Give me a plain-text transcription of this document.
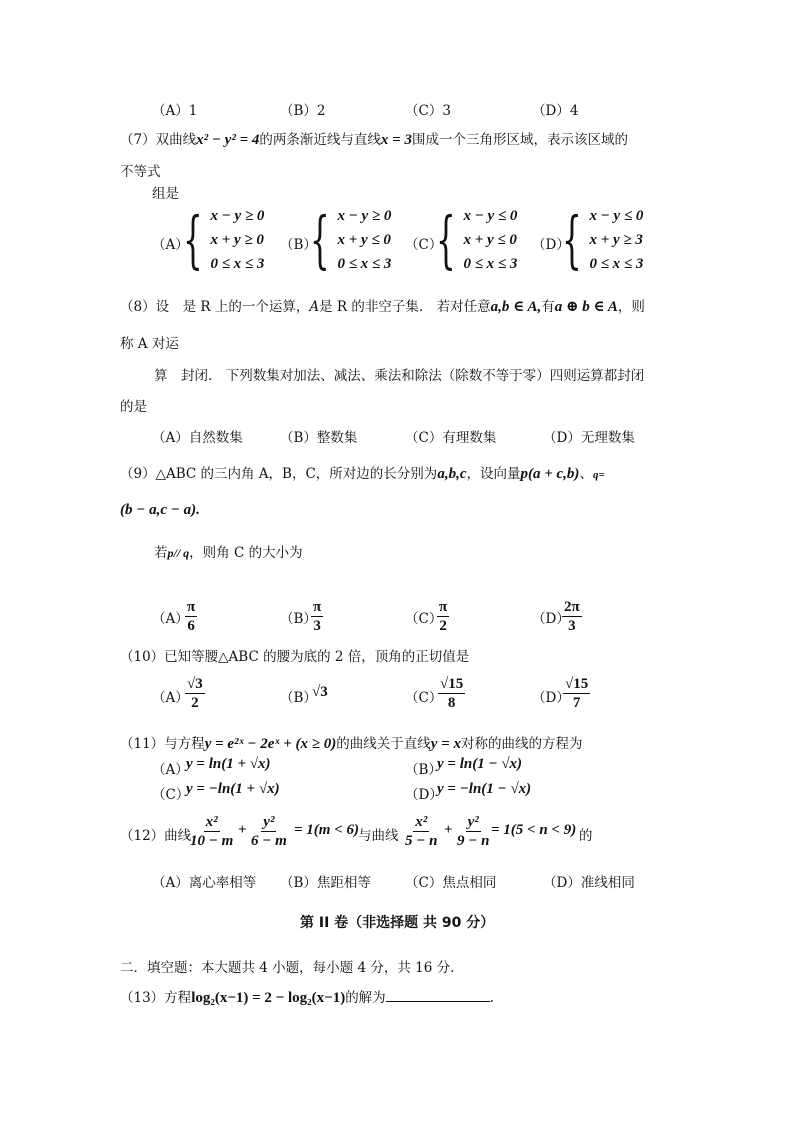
（A）1	（B）2	（C）3	（D）4
（7）双曲线x² − y² = 4的两条渐近线与直线x = 3围成一个三角形区域，表示该区域的
不等式
组是
（A）
{ x − y ≥ 0
x + y ≥ 0
0 ≤ x ≤ 3
（B）
{ x − y ≥ 0
x + y ≤ 0
0 ≤ x ≤ 3
（C）
{ x − y ≤ 0
x + y ≤ 0
0 ≤ x ≤ 3
（D）
{ x − y ≤ 0
x + y ≥ 3
0 ≤ x ≤ 3
（8）设　是 R 上的一个运算，A是 R 的非空子集.　若对任意a,b ∈ A,有a ⊕ b ∈ A，则
称 A 对运
算　封闭.　下列数集对加法、减法、乘法和除法（除数不等于零）四则运算都封闭
的是
（A）自然数集	（B）整数集	（C）有理数集	（D）无理数集
（9）△ABC 的三内角 A，B，C，所对边的长分别为a,b,c，设向量p(a + c,b)、q=
(b − a,c − a).
若p// q，则角 C 的大小为
（A）
$\frac{\pi}{6}$	（B）
$\frac{\pi}{3}$	（C）
$\frac{\pi}{2}$	（D）
$\frac{2\pi}{3}$
（10）已知等腰△ABC 的腰为底的 2 倍，顶角的正切值是
（A）
$\frac{√3}{2}$	（B）
√3	（C）
$\frac{√15}{8}$	（D）
$\frac{√15}{7}$
（11）与方程y = e²ˣ − 2eˣ + (x ≥ 0)的曲线关于直线y = x对称的曲线的方程为
（A）
y = ln(1 + √x)	（B）
y = ln(1 − √x)
（C）
y = −ln(1 + √x)	（D）
y = −ln(1 − √x)
（12）曲线
$\frac{\text{x²}}{10 - m} + \frac{\text{y²}}{6 - m} = 1(m < 6)$
与曲线 $\frac{\text{x²}}{5 - n} + \frac{\text{y²}}{9 - n} = 1(5 < n < 9)$ 的
（A）离心率相等 （B）焦距相等	（C）焦点相同	（D）准线相同
第 II 卷（非选择题 共 90 分）
二．填空题：本大题共 4 小题，每小题 4 分，共 16 分.
（13）方程log₂(x−1) = 2 − log₂(x−1)的解为	.
